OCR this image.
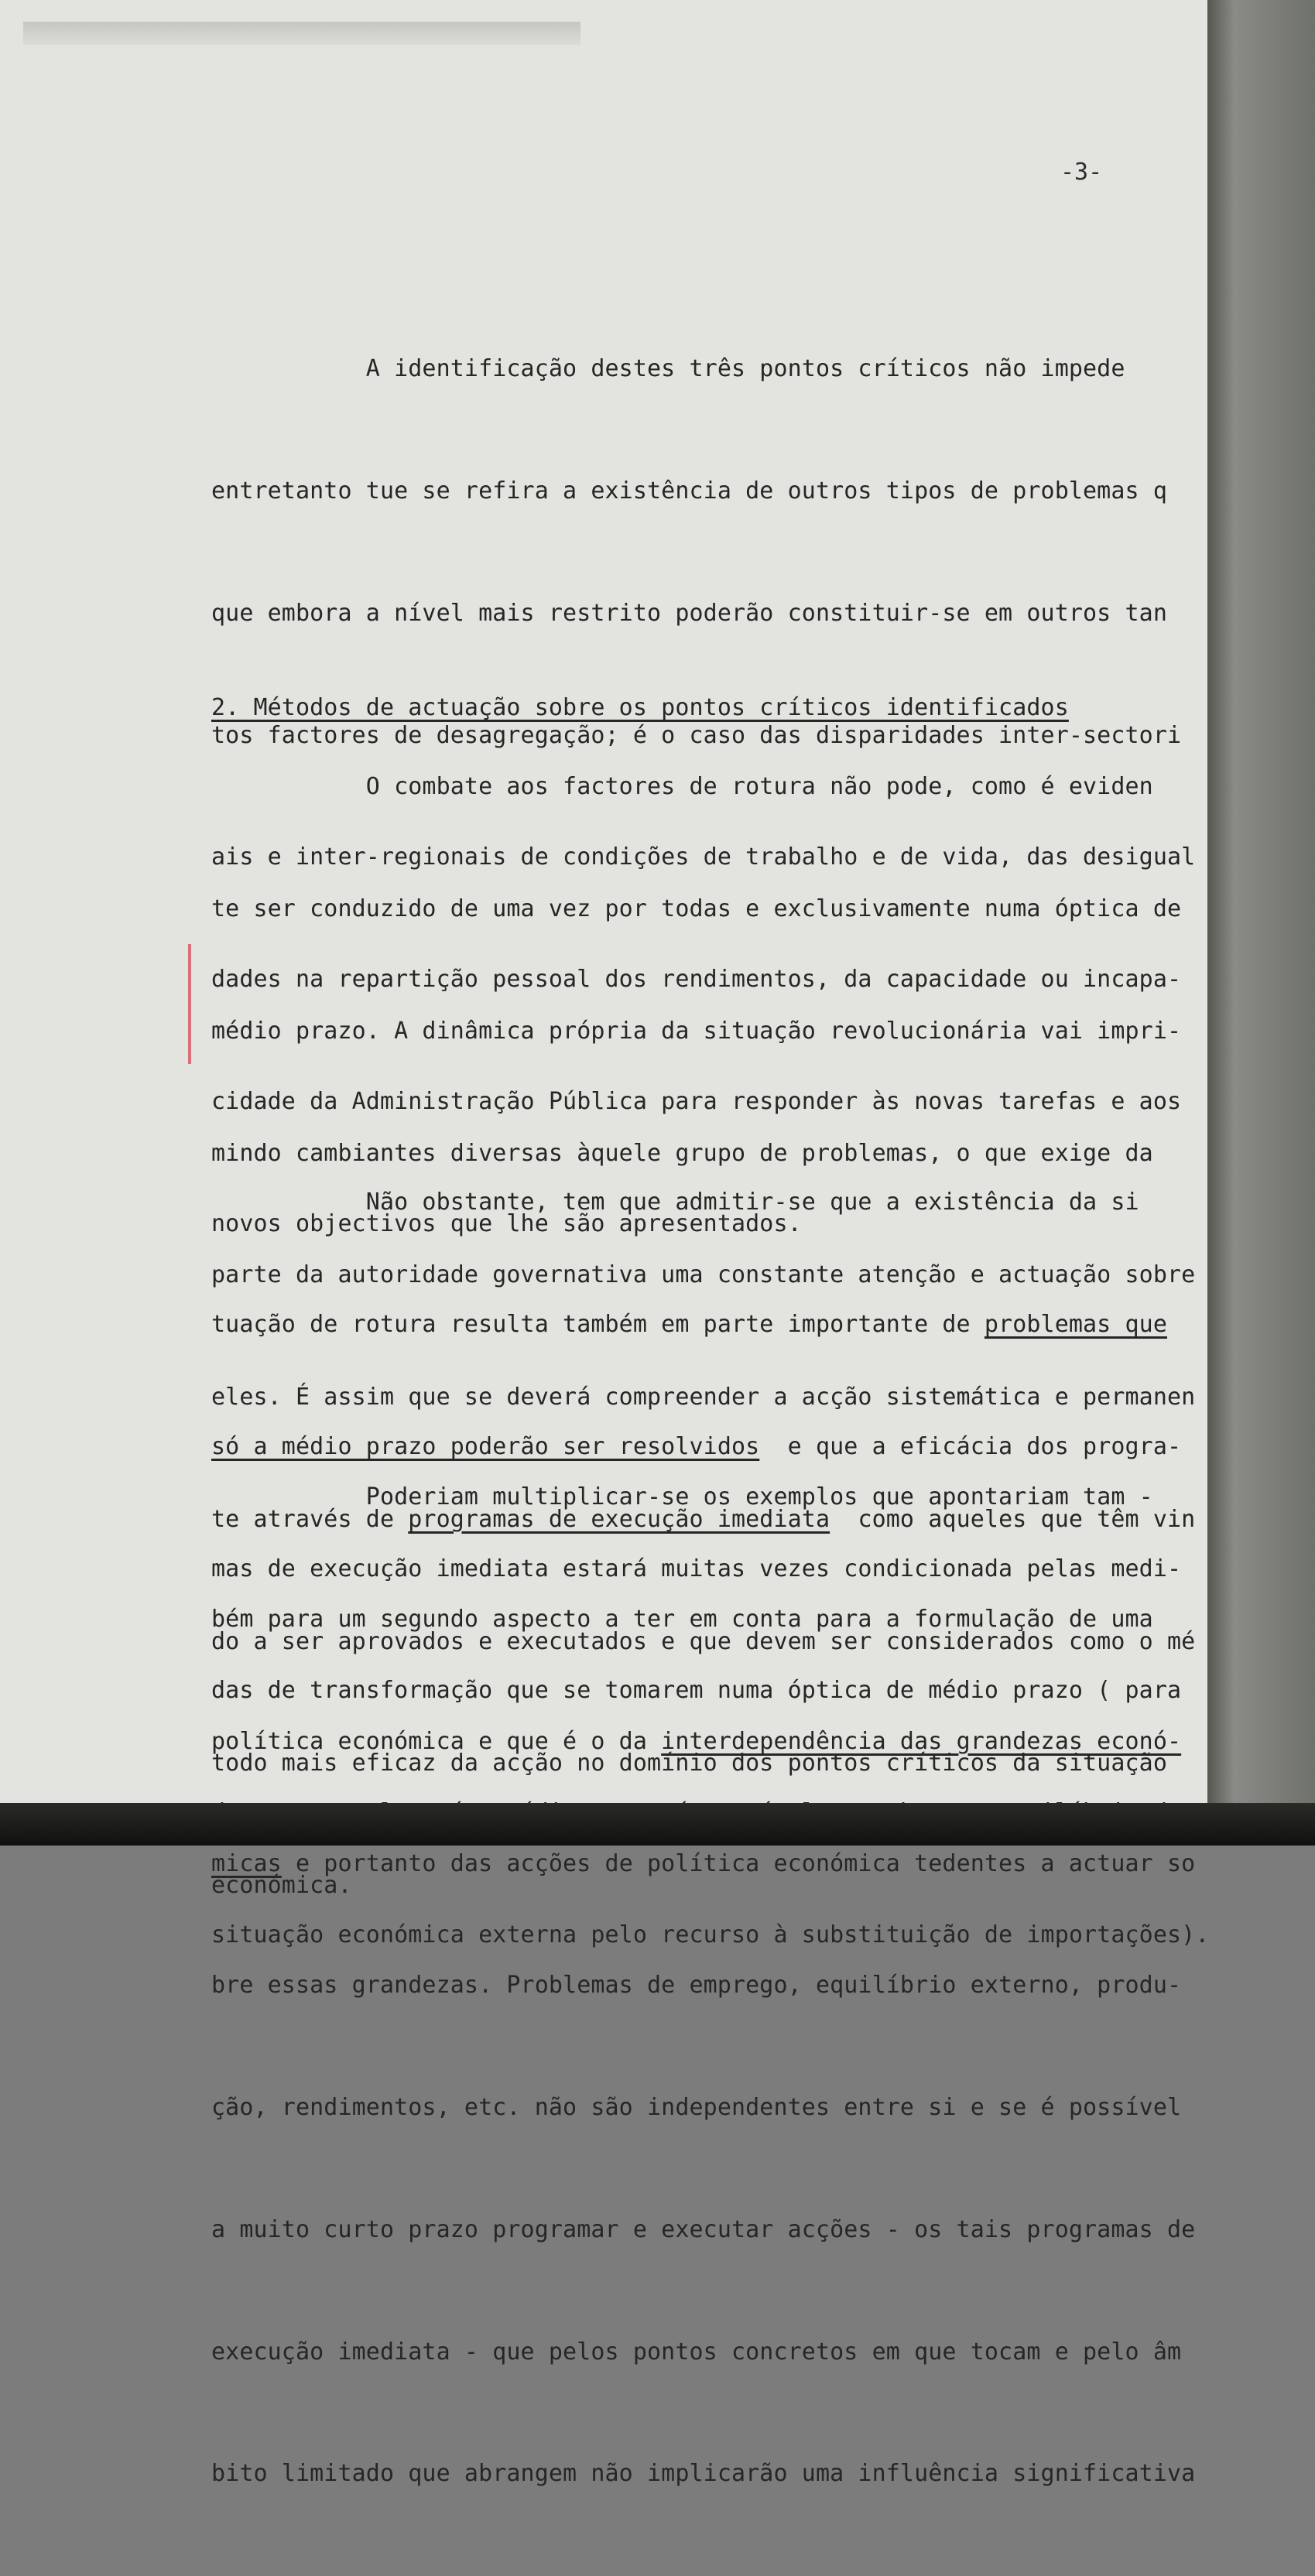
-3-

A identificação destes três pontos críticos não impede

entretanto tue se refira a existência de outros tipos de problemas q

que embora a nível mais restrito poderão constituir-se em outros tan

tos factores de desagregação; é o caso das disparidades inter-sectori

ais e inter-regionais de condições de trabalho e de vida, das desigual

dades na repartição pessoal dos rendimentos, da capacidade ou incapa-

cidade da Administração Pública para responder às novas tarefas e aos

novos objectivos que lhe são apresentados.

2. Métodos de actuação sobre os pontos críticos identificados

O combate aos factores de rotura não pode, como é eviden

te ser conduzido de uma vez por todas e exclusivamente numa óptica de

médio prazo. A dinâmica própria da situação revolucionária vai impri-

mindo cambiantes diversas àquele grupo de problemas, o que exige da

parte da autoridade governativa uma constante atenção e actuação sobre

eles. É assim que se deverá compreender a acção sistemática e permanen

te através de programas de execução imediata  como aqueles que têm vin

do a ser aprovados e executados e que devem ser considerados como o mé

todo mais eficaz da acção no domínio dos pontos críticos da situação

económica.

Não obstante, tem que admitir-se que a existência da si

tuação de rotura resulta também em parte importante de problemas que

só a médio prazo poderão ser resolvidos  e que a eficácia dos progra-

mas de execução imediata estará muitas vezes condicionada pelas medi-

das de transformação que se tomarem numa óptica de médio prazo ( para

situação económica externa pelo recurso à substituição de importações).

Poderiam multiplicar-se os exemplos que apontariam tam -

bém para um segundo aspecto a ter em conta para a formulação de uma

política económica e que é o da interdependência das grandezas econó-

micas e portanto das acções de política económica tedentes a actuar so

bre essas grandezas. Problemas de emprego, equilíbrio externo, produ-

ção, rendimentos, etc. não são independentes entre si e se é possível

a muito curto prazo programar e executar acções - os tais programas de

execução imediata - que pelos pontos concretos em que tocam e pelo âm

bito limitado que abrangem não implicarão uma influência significativa
